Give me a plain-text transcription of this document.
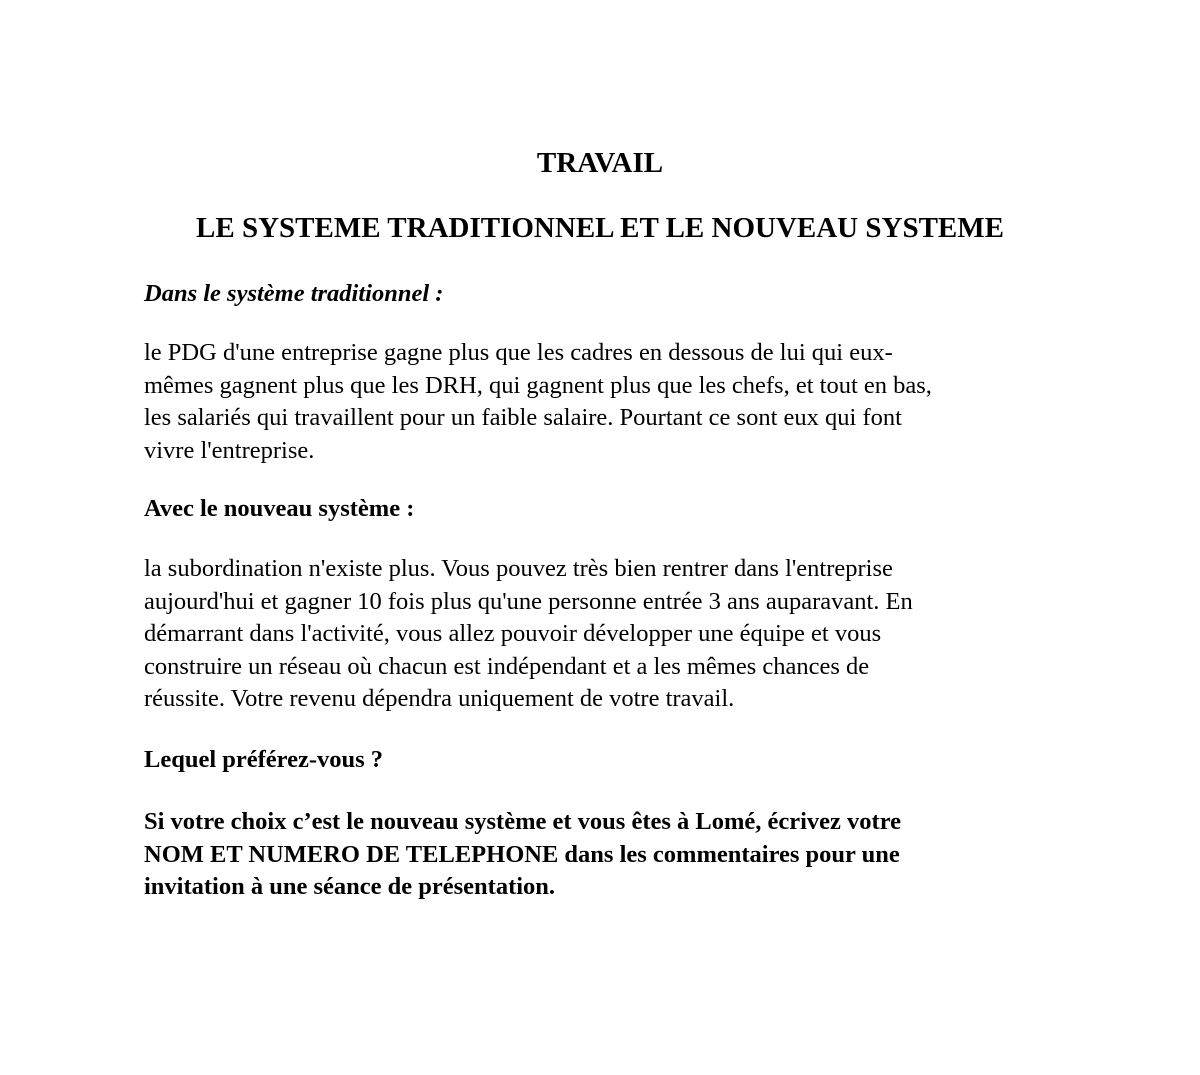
TRAVAIL
LE SYSTEME TRADITIONNEL ET LE NOUVEAU SYSTEME
Dans le système traditionnel :
le PDG d'une entreprise gagne plus que les cadres en dessous de lui qui eux-
mêmes gagnent plus que les DRH, qui gagnent plus que les chefs, et tout en bas,
les salariés qui travaillent pour un faible salaire. Pourtant ce sont eux qui font
vivre l'entreprise.
Avec le nouveau système :
la subordination n'existe plus. Vous pouvez très bien rentrer dans l'entreprise
aujourd'hui et gagner 10 fois plus qu'une personne entrée 3 ans auparavant. En
démarrant dans l'activité, vous allez pouvoir développer une équipe et vous
construire un réseau où chacun est indépendant et a les mêmes chances de
réussite. Votre revenu dépendra uniquement de votre travail.
Lequel préférez-vous ?
Si votre choix c’est le nouveau système et vous êtes à Lomé, écrivez votre
NOM ET NUMERO DE TELEPHONE dans les commentaires pour une
invitation à une séance de présentation.
